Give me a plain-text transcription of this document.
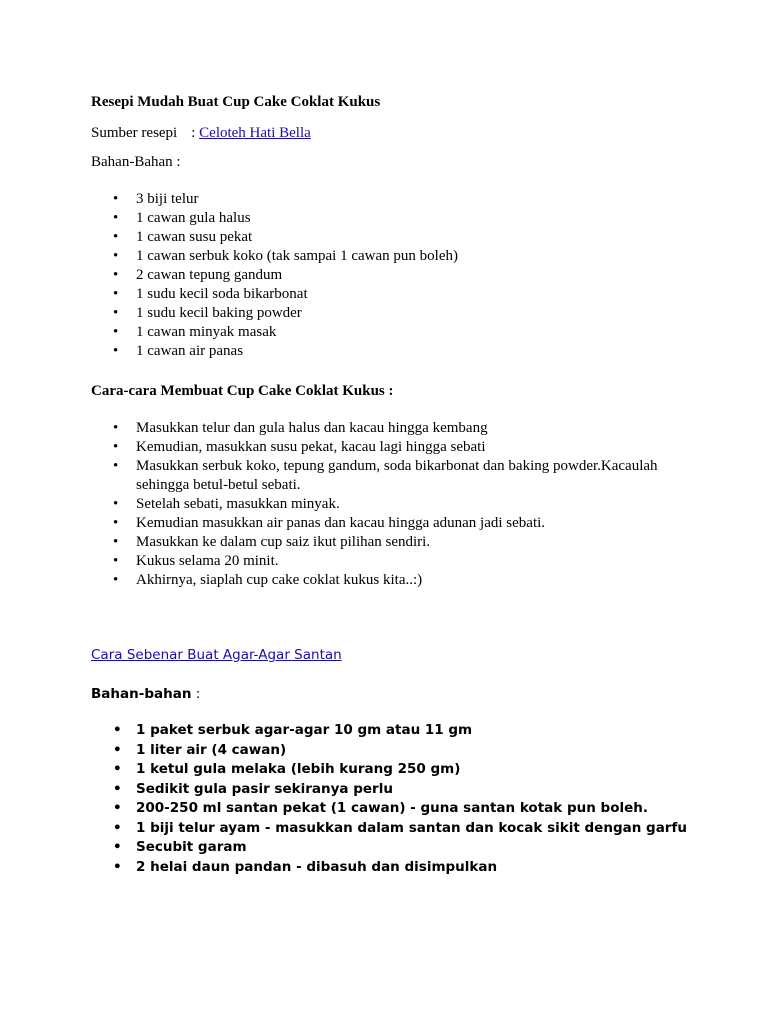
Resepi Mudah Buat Cup Cake Coklat Kukus

Sumber resepi : Celoteh Hati Bella

Bahan-Bahan :

• 3 biji telur
• 1 cawan gula halus
• 1 cawan susu pekat
• 1 cawan serbuk koko (tak sampai 1 cawan pun boleh)
• 2 cawan tepung gandum
• 1 sudu kecil soda bikarbonat
• 1 sudu kecil baking powder
• 1 cawan minyak masak
• 1 cawan air panas

Cara-cara Membuat Cup Cake Coklat Kukus :

• Masukkan telur dan gula halus dan kacau hingga kembang
• Kemudian, masukkan susu pekat, kacau lagi hingga sebati
• Masukkan serbuk koko, tepung gandum, soda bikarbonat dan baking powder.Kacaulah sehingga betul-betul sebati.
• Setelah sebati, masukkan minyak.
• Kemudian masukkan air panas dan kacau hingga adunan jadi sebati.
• Masukkan ke dalam cup saiz ikut pilihan sendiri.
• Kukus selama 20 minit.
• Akhirnya, siaplah cup cake coklat kukus kita..:)

Cara Sebenar Buat Agar-Agar Santan

Bahan-bahan :

• 1 paket serbuk agar-agar 10 gm atau 11 gm
• 1 liter air (4 cawan)
• 1 ketul gula melaka (lebih kurang 250 gm)
• Sedikit gula pasir sekiranya perlu
• 200-250 ml santan pekat (1 cawan) - guna santan kotak pun boleh.
• 1 biji telur ayam - masukkan dalam santan dan kocak sikit dengan garfu
• Secubit garam
• 2 helai daun pandan - dibasuh dan disimpulkan
